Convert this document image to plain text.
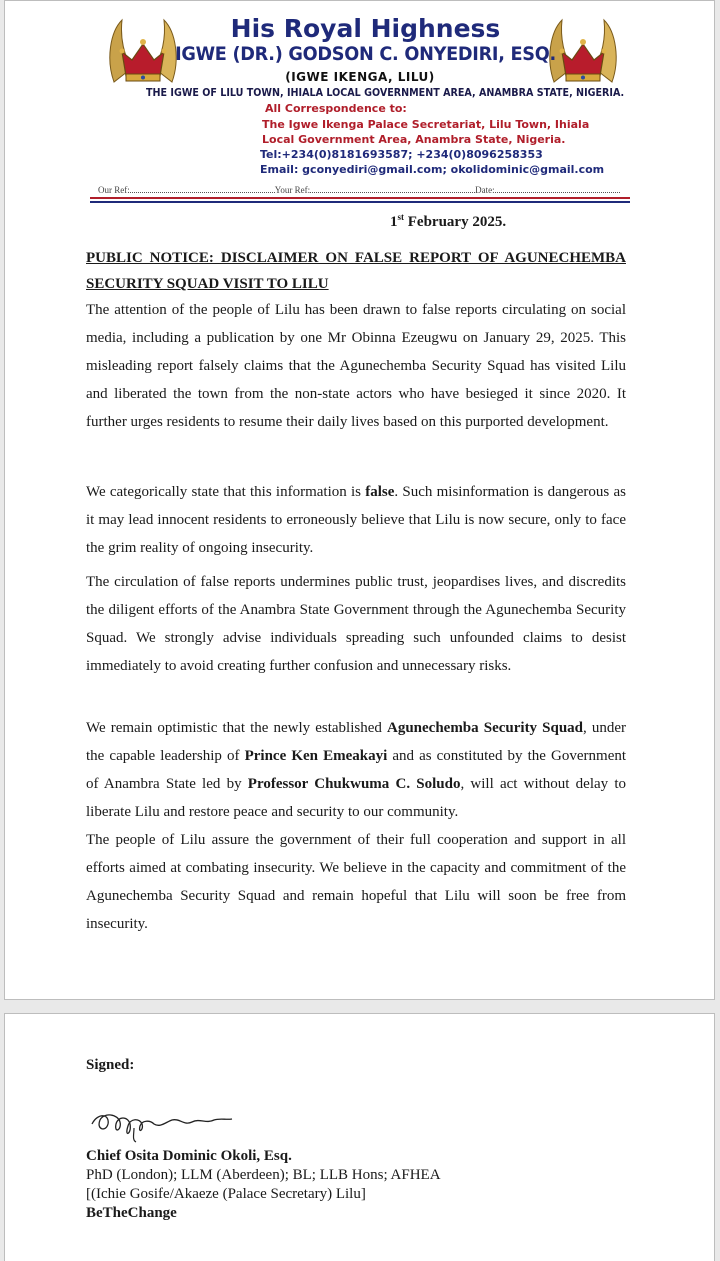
His Royal Highness
IGWE (DR.) GODSON C. ONYEDIRI, ESQ.
(IGWE IKENGA, LILU)
THE IGWE OF LILU TOWN, IHIALA LOCAL GOVERNMENT AREA, ANAMBRA STATE, NIGERIA.
All Correspondence to:
The Igwe Ikenga Palace Secretariat, Lilu Town, Ihiala
Local Government Area, Anambra State, Nigeria.
Tel:+234(0)8181693587; +234(0)8096258353
Email: gconyediri@gmail.com; okolidominic@gmail.com
Our Ref:	Your Ref:	Date:
1st February 2025.
PUBLIC NOTICE: DISCLAIMER ON FALSE REPORT OF AGUNECHEMBA SECURITY SQUAD VISIT TO LILU

The attention of the people of Lilu has been drawn to false reports circulating on social media, including a publication by one Mr Obinna Ezeugwu on January 29, 2025. This misleading report falsely claims that the Agunechemba Security Squad has visited Lilu and liberated the town from the non-state actors who have besieged it since 2020. It further urges residents to resume their daily lives based on this purported development.

We categorically state that this information is false. Such misinformation is dangerous as it may lead innocent residents to erroneously believe that Lilu is now secure, only to face the grim reality of ongoing insecurity.

The circulation of false reports undermines public trust, jeopardises lives, and discredits the diligent efforts of the Anambra State Government through the Agunechemba Security Squad. We strongly advise individuals spreading such unfounded claims to desist immediately to avoid creating further confusion and unnecessary risks.

We remain optimistic that the newly established Agunechemba Security Squad, under the capable leadership of Prince Ken Emeakayi and as constituted by the Government of Anambra State led by Professor Chukwuma C. Soludo, will act without delay to liberate Lilu and restore peace and security to our community.

The people of Lilu assure the government of their full cooperation and support in all efforts aimed at combating insecurity. We believe in the capacity and commitment of the Agunechemba Security Squad and remain hopeful that Lilu will soon be free from insecurity.

Signed:
Chief Osita Dominic Okoli, Esq.
PhD (London); LLM (Aberdeen); BL; LLB Hons; AFHEA
[(Ichie Gosife/Akaeze (Palace Secretary) Lilu]
BeTheChange
